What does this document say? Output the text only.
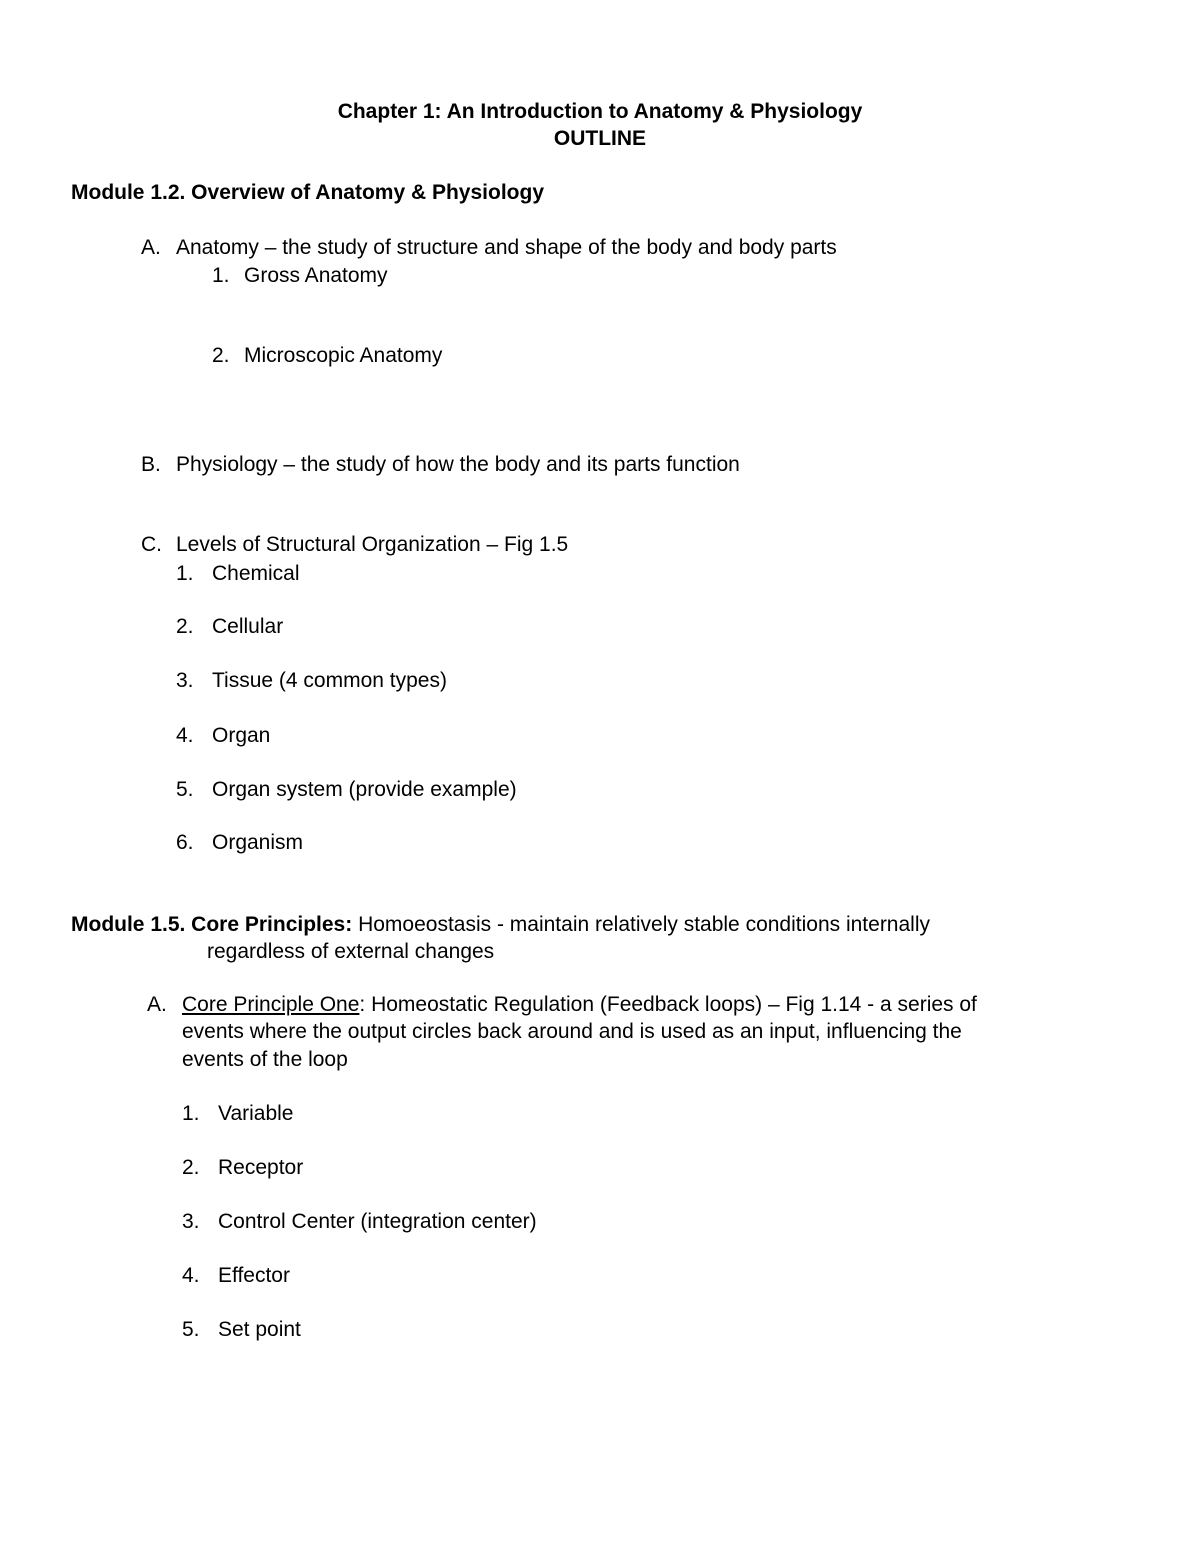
Chapter 1: An Introduction to Anatomy & Physiology
OUTLINE
Module 1.2. Overview of Anatomy & Physiology
A. Anatomy – the study of structure and shape of the body and body parts
1. Gross Anatomy
2. Microscopic Anatomy
B. Physiology – the study of how the body and its parts function
C. Levels of Structural Organization – Fig 1.5
1. Chemical
2. Cellular
3. Tissue (4 common types)
4. Organ
5. Organ system (provide example)
6. Organism
Module 1.5. Core Principles: Homoeostasis - maintain relatively stable conditions internally
regardless of external changes
A. Core Principle One: Homeostatic Regulation (Feedback loops) – Fig 1.14 - a series of
events where the output circles back around and is used as an input, influencing the
events of the loop
1. Variable
2. Receptor
3. Control Center (integration center)
4. Effector
5. Set point
